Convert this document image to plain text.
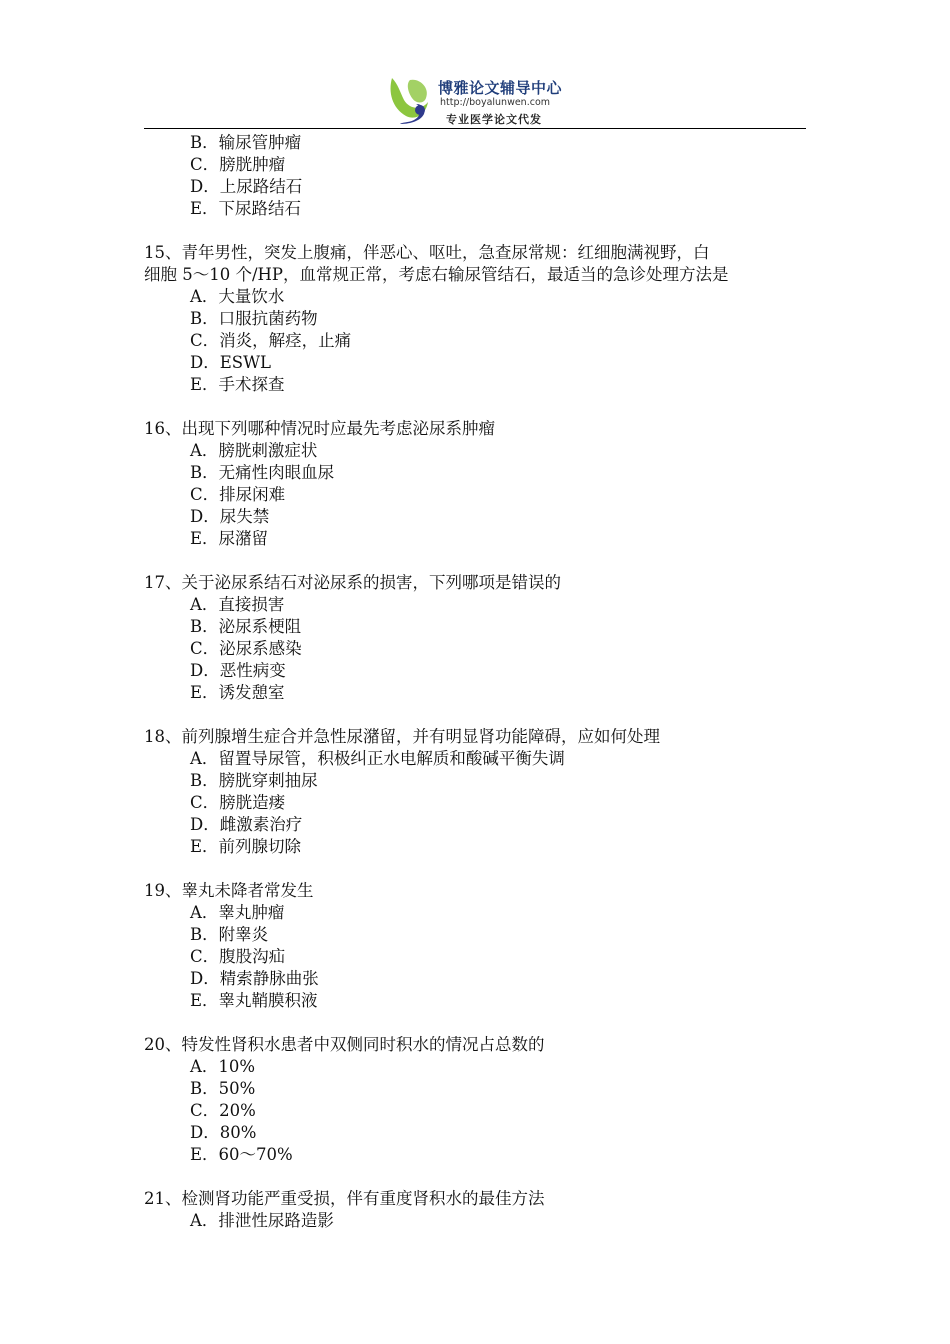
博雅论文辅导中心
http://boyalunwen.com
专业医学论文代发
B．输尿管肿瘤
C．膀胱肿瘤
D．上尿路结石
E．下尿路结石
15、青年男性，突发上腹痛，伴恶心、呕吐，急查尿常规：红细胞满视野，白
细胞 5～10 个/HP，血常规正常，考虑右输尿管结石，最适当的急诊处理方法是
A．大量饮水
B．口服抗菌药物
C．消炎，解痉，止痛
D．ESWL
E．手术探查
16、出现下列哪种情况时应最先考虑泌尿系肿瘤
A．膀胱刺激症状
B．无痛性肉眼血尿
C．排尿闲难
D．尿失禁
E．尿潴留
17、关于泌尿系结石对泌尿系的损害，下列哪项是错误的
A．直接损害
B．泌尿系梗阻
C．泌尿系感染
D．恶性病变
E．诱发憩室
18、前列腺增生症合并急性尿潴留，并有明显肾功能障碍，应如何处理
A．留置导尿管，积极纠正水电解质和酸碱平衡失调
B．膀胱穿刺抽尿
C．膀胱造瘘
D．雌激素治疗
E．前列腺切除
19、睾丸未降者常发生
A．睾丸肿瘤
B．附睾炎
C．腹股沟疝
D．精索静脉曲张
E．睾丸鞘膜积液
20、特发性肾积水患者中双侧同时积水的情况占总数的
A．10%
B．50%
C．20%
D．80%
E．60～70%
21、检测肾功能严重受损，伴有重度肾积水的最佳方法
A．排泄性尿路造影
